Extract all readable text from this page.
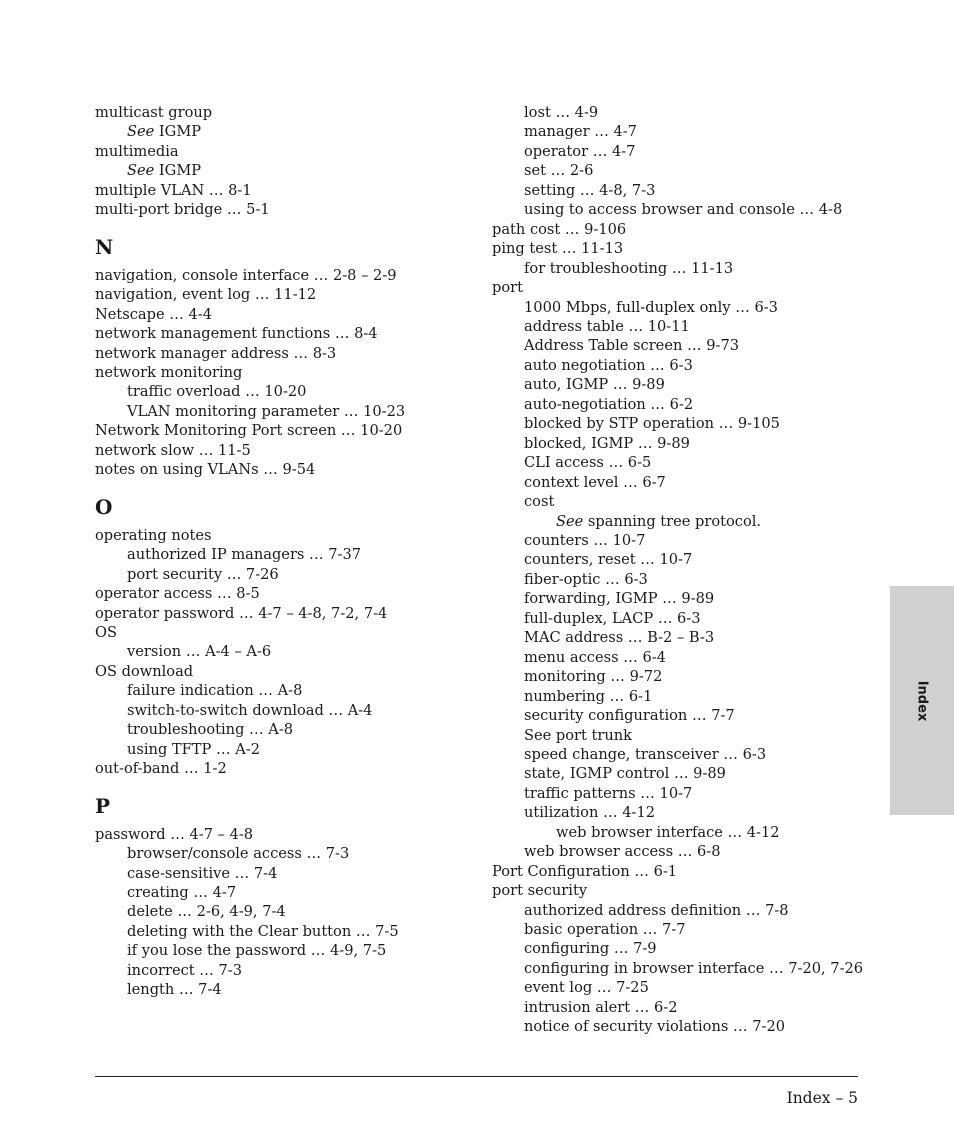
multicast group
See IGMP
multimedia
See IGMP
multiple VLAN … 8-1
multi-port bridge … 5-1
N
navigation, console interface … 2-8 – 2-9
navigation, event log … 11-12
Netscape … 4-4
network management functions … 8-4
network manager address … 8-3
network monitoring
traffic overload … 10-20
VLAN monitoring parameter … 10-23
Network Monitoring Port screen … 10-20
network slow … 11-5
notes on using VLANs … 9-54
O
operating notes
authorized IP managers … 7-37
port security … 7-26
operator access … 8-5
operator password … 4-7 – 4-8, 7-2, 7-4
OS
version … A-4 – A-6
OS download
failure indication … A-8
switch-to-switch download … A-4
troubleshooting … A-8
using TFTP … A-2
out-of-band … 1-2
P
password … 4-7 – 4-8
browser/console access … 7-3
case-sensitive … 7-4
creating … 4-7
delete … 2-6, 4-9, 7-4
deleting with the Clear button … 7-5
if you lose the password … 4-9, 7-5
incorrect … 7-3
length … 7-4
lost … 4-9
manager … 4-7
operator … 4-7
set … 2-6
setting … 4-8, 7-3
using to access browser and console … 4-8
path cost … 9-106
ping test … 11-13
for troubleshooting … 11-13
port
1000 Mbps, full-duplex only … 6-3
address table … 10-11
Address Table screen … 9-73
auto negotiation … 6-3
auto, IGMP … 9-89
auto-negotiation … 6-2
blocked by STP operation … 9-105
blocked, IGMP … 9-89
CLI access … 6-5
context level … 6-7
cost
See spanning tree protocol.
counters … 10-7
counters, reset … 10-7
fiber-optic … 6-3
forwarding, IGMP … 9-89
full-duplex, LACP … 6-3
MAC address … B-2 – B-3
menu access … 6-4
monitoring … 9-72
numbering … 6-1
security configuration … 7-7
See port trunk
speed change, transceiver … 6-3
state, IGMP control … 9-89
traffic patterns … 10-7
utilization … 4-12
web browser interface … 4-12
web browser access … 6-8
Port Configuration … 6-1
port security
authorized address definition … 7-8
basic operation … 7-7
configuring … 7-9
configuring in browser interface … 7-20, 7-26
event log … 7-25
intrusion alert … 6-2
notice of security violations … 7-20
Index
Index – 5
